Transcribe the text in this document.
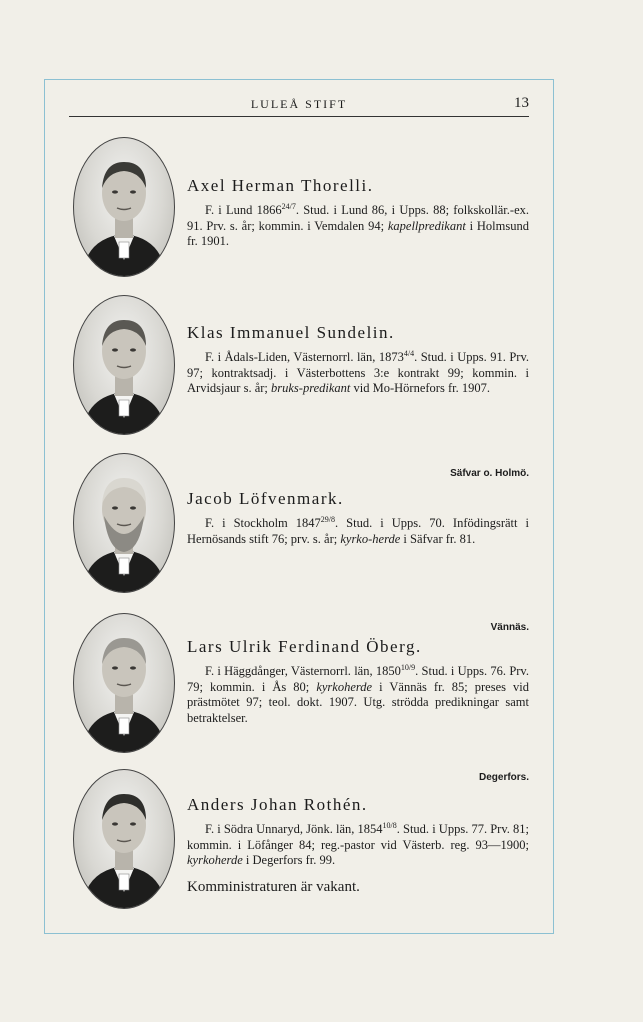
LULEÅ STIFT	13
Säfvar o. Holmö.
Vännäs.
Degerfors.

Axel Herman Thorelli.

F. i Lund $1866^{24/7}$. Stud. i Lund 86, i Upps. 88; folkskollär.-ex. 91. Prv. s. år; kommin. i Vemdalen 94; kapellpredikant i Holmsund fr. 1901.

Klas Immanuel Sundelin.

F. i Ådals-Liden, Västernorrl. län, $1873^{4/4}$. Stud. i Upps. 91. Prv. 97; kontraktsadj. i Västerbottens 3:e kontrakt 99; kommin. i Arvidsjaur s. år; bruks-predikant vid Mo-Hörnefors fr. 1907.

Jacob Löfvenmark.

F. i Stockholm $1847^{29/8}$. Stud. i Upps. 70. Infödingsrätt i Hernösands stift 76; prv. s. år; kyrko-herde i Säfvar fr. 81.

Lars Ulrik Ferdinand Öberg.

F. i Häggdånger, Västernorrl. län, $1850^{10/9}$. Stud. i Upps. 76. Prv. 79; kommin. i Ås 80; kyrkoherde i Vännäs fr. 85; preses vid prästmötet 97; teol. dokt. 1907. Utg. strödda predikningar samt betraktelser.

Anders Johan Rothén.

F. i Södra Unnaryd, Jönk. län, $1854^{10/8}$. Stud. i Upps. 77. Prv. 81; kommin. i Löfånger 84; reg.-pastor vid Västerb. reg. 93—1900; kyrkoherde i Degerfors fr. 99.

Komministraturen är vakant.
